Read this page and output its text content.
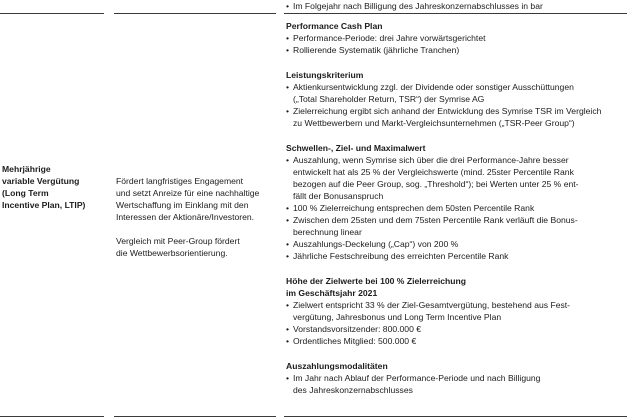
• Im Folgejahr nach Billigung des Jahreskonzernabschlusses in bar
Mehrjährige
variable Vergütung
(Long Term
Incentive Plan, LTIP)

Fördert langfristiges Engagement

und setzt Anreize für eine nachhaltige

Wertschaffung im Einklang mit den

Interessen der Aktionäre/Investoren.

Vergleich mit Peer-Group fördert

die Wettbewerbsorientierung.

Performance Cash Plan
• Performance-Periode: drei Jahre vorwärtsgerichtet
• Rollierende Systematik (jährliche Tranchen)
Leistungskriterium
• Aktienkursentwicklung zzgl. der Dividende oder sonstiger Ausschüttungen
(„Total Shareholder Return, TSR“) der Symrise AG
• Zielerreichung ergibt sich anhand der Entwicklung des Symrise TSR im Vergleich
zu Wettbewerbern und Markt-Vergleichsunternehmen („TSR-Peer Group“)
Schwellen-, Ziel- und Maximalwert
• Auszahlung, wenn Symrise sich über die drei Performance-Jahre besser
entwickelt hat als 25 % der Vergleichswerte (mind. 25ster Percentile Rank
bezogen auf die Peer Group, sog. „Threshold“); bei Werten unter 25 % ent-
fällt der Bonusanspruch
• 100 % Zielerreichung entsprechen dem 50sten Percentile Rank
• Zwischen dem 25sten und dem 75sten Percentile Rank verläuft die Bonus-
berechnung linear
• Auszahlungs-Deckelung („Cap“) von 200 %
• Jährliche Festschreibung des erreichten Percentile Rank
Höhe der Zielwerte bei 100 % Zielerreichung
im Geschäftsjahr 2021
• Zielwert entspricht 33 % der Ziel-Gesamtvergütung, bestehend aus Fest-
vergütung, Jahresbonus und Long Term Incentive Plan
• Vorstandsvorsitzender: 800.000 €
• Ordentliches Mitglied: 500.000 €
Auszahlungsmodalitäten
• Im Jahr nach Ablauf der Performance-Periode und nach Billigung
des Jahreskonzernabschlusses
